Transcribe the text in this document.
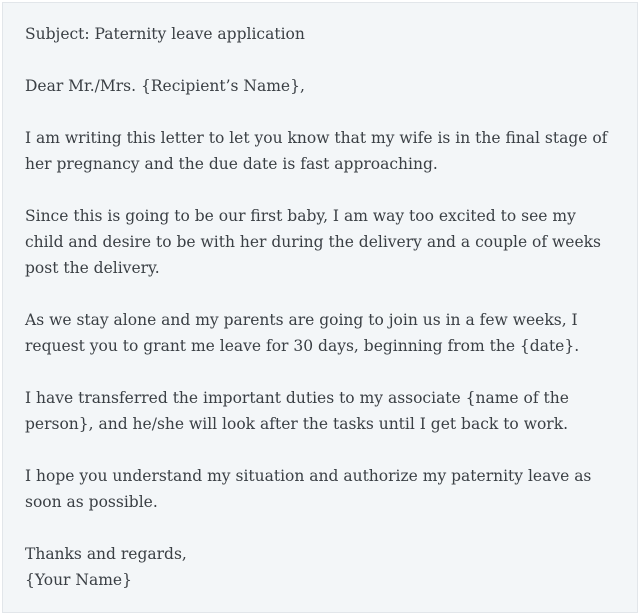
Subject: Paternity leave application

Dear Mr./Mrs. {Recipient’s Name},

I am writing this letter to let you know that my wife is in the final stage of her pregnancy and the due date is fast approaching.

Since this is going to be our first baby, I am way too excited to see my child and desire to be with her during the delivery and a couple of weeks post the delivery.

As we stay alone and my parents are going to join us in a few weeks, I request you to grant me leave for 30 days, beginning from the {date}.

I have transferred the important duties to my associate {name of the person}, and he/she will look after the tasks until I get back to work.

I hope you understand my situation and authorize my paternity leave as soon as possible.

Thanks and regards,

{Your Name}
